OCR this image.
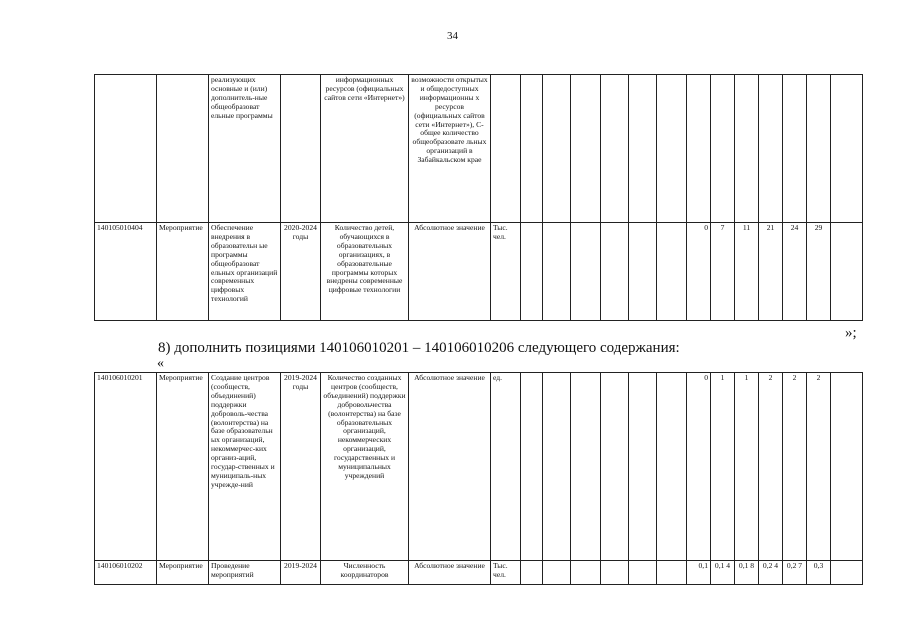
34
		реализующих основные и (или) дополнитель-ные общеобразоват ельные программы		информационных ресурсов (официальных сайтов сети «Интернет»)	возможности открытых и общедоступных информационны х ресурсов (официальных сайтов сети «Интернет»), С- общее количество общеобразовате льных организаций в Забайкальском крае														
140105010404	Мероприятие	Обеспечение внедрения в образовательн ые программы общеобразоват ельных организаций современных цифровых технологий	2020-2024 годы	Количество детей, обучающихся в образовательных организациях, в образовательные программы которых внедрены современные цифровые технологии	Абсолютное значение	Тыс. чел.							0	7	11	21	24	29	
»;
8) дополнить позициями 140106010201 – 140106010206 следующего содержания:
«
140106010201	Мероприятие	Создание центров (сообществ, объединений) поддержки доброволь-чества (волонтерства) на базе образовательн ых организаций, некоммерчес-ких организ-аций, государ-ственных и муниципаль-ных учрежде-ний	2019-2024 годы	Количество созданных центров (сообществ, объединений) поддержки добровольчества (волонтерства) на базе образовательных организаций, некоммерческих организаций, государственных и муниципальных учреждений	Абсолютное значение	ед.							0	1	1	2	2	2	
140106010202	Мероприятие	Проведение мероприятий	2019-2024	Численность координаторов	Абсолютное значение	Тыс. чел.							0,1	0,1 4	0,1 8	0,2 4	0,2 7	0,3	
